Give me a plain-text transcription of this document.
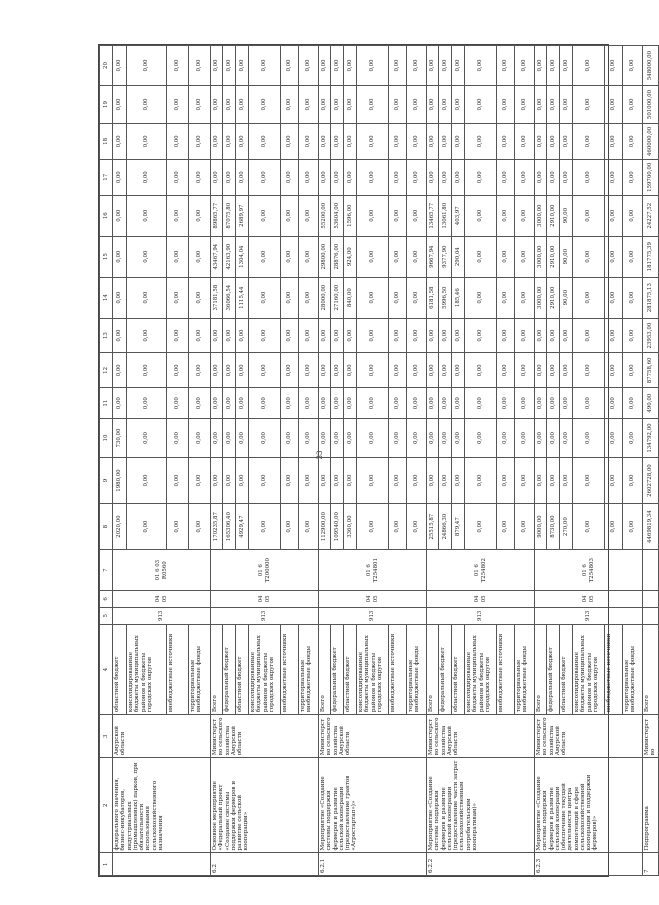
33
1	2	3	4	5	6	7	8	9	10	11	12	13	14	15	16	17	18	19	20
	федерального значения, бизнес-инкубаторов, индустриальных (промышленных) парков, при обязательности использования сельскохозяйственного назначения	Амурской области	областной бюджет	913	04 05	01 6 03 R0560	2020,00	1980,00	730,00	0,00	0,00	0,00	0,00	0,00	0,00	0,00	0,00	0,00	0,00
			консолидированные бюджеты муниципальных районов и бюджеты городских округов				0,00	0,00	0,00	0,00	0,00	0,00	0,00	0,00	0,00	0,00	0,00	0,00	0,00
			внебюджетные источники				0,00	0,00	0,00	0,00	0,00	0,00	0,00	0,00	0,00	0,00	0,00	0,00	0,00
			территориальные внебюджетные фонды				0,00	0,00	0,00	0,00	0,00	0,00	0,00	0,00	0,00	0,00	0,00	0,00	0,00
6.2	Основное мероприятие «Федеральный проект «Создание системы поддержки фермеров и развитие сельской кооперации»	Министерство сельского хозяйства Амурской области	Всего	913	04 05	01 6 T200000	170235,87	0,00	0,00	0,00	0,00	0,00	37181,58	43467,94	89865,77	0,00	0,00	0,00	0,00
			федеральный бюджет				165306,40	0,00	0,00	0,00	0,00	0,00	36066,54	42163,90	87075,80	0,00	0,00	0,00	0,00
			областной бюджет				4929,47	0,00	0,00	0,00	0,00	0,00	1115,44	1304,04	2689,97	0,00	0,00	0,00	0,00
			консолидированные бюджеты муниципальных районов и бюджеты городских округов				0,00	0,00	0,00	0,00	0,00	0,00	0,00	0,00	0,00	0,00	0,00	0,00	0,00
			внебюджетные источники				0,00	0,00	0,00	0,00	0,00	0,00	0,00	0,00	0,00	0,00	0,00	0,00	0,00
			территориальные внебюджетные фонды				0,00	0,00	0,00	0,00	0,00	0,00	0,00	0,00	0,00	0,00	0,00	0,00	0,00
6.2.1	Мероприятие «Создание системы поддержки фермеров и развитие сельской кооперации (предоставление грантов «Агростартап»)»	Министерство сельского хозяйства Амурской области	Всего	913	04 05	01 6 T254801	112900,00	0,00	0,00	0,00	0,00	0,00	28000,00	29800,00	55200,00	0,00	0,00	0,00	0,00
			федеральный бюджет				109540,00	0,00	0,00	0,00	0,00	0,00	27160,00	28876,00	53604,00	0,00	0,00	0,00	0,00
			областной бюджет				3360,00	0,00	0,00	0,00	0,00	0,00	840,00	924,00	1596,00	0,00	0,00	0,00	0,00
			консолидированные бюджеты муниципальных районов и бюджеты городских округов				0,00	0,00	0,00	0,00	0,00	0,00	0,00	0,00	0,00	0,00	0,00	0,00	0,00
			внебюджетные источники				0,00	0,00	0,00	0,00	0,00	0,00	0,00	0,00	0,00	0,00	0,00	0,00	0,00
			территориальные внебюджетные фонды				0,00	0,00	0,00	0,00	0,00	0,00	0,00	0,00	0,00	0,00	0,00	0,00	0,00
6.2.2	Мероприятие «Создание системы поддержки фермеров и развитие сельской кооперации (предоставление части затрат сельскохозяйственным потребительским кооперативам)»	Министерство сельского хозяйства Амурской области	Всего	913	04 05	01 6 T254802	25515,87	0,00	0,00	0,00	0,00	0,00	6181,58	9667,94	13465,77	0,00	0,00	0,00	0,00
			федеральный бюджет				24866,30	0,00	0,00	0,00	0,00	0,00	5996,50	9377,90	13061,80	0,00	0,00	0,00	0,00
			областной бюджет				879,47	0,00	0,00	0,00	0,00	0,00	185,46	290,04	403,97	0,00	0,00	0,00	0,00
			консолидированные бюджеты муниципальных районов и бюджеты городских округов				0,00	0,00	0,00	0,00	0,00	0,00	0,00	0,00	0,00	0,00	0,00	0,00	0,00
			внебюджетные источники				0,00	0,00	0,00	0,00	0,00	0,00	0,00	0,00	0,00	0,00	0,00	0,00	0,00
			территориальные внебюджетные фонды				0,00	0,00	0,00	0,00	0,00	0,00	0,00	0,00	0,00	0,00	0,00	0,00	0,00
6.2.3	Мероприятие «Создание системы поддержки фермеров и развитие сельской кооперации (обеспечение текущей деятельности центра компетенций в сфере сельскохозяйственной кооперации и поддержки фермеров)»	Министерство сельского хозяйства Амурской области	Всего	913	04 05	01 6 T254803	9000,00	0,00	0,00	0,00	0,00	0,00	3000,00	3000,00	3000,00	0,00	0,00	0,00	0,00
			федеральный бюджет				8730,00	0,00	0,00	0,00	0,00	0,00	2910,00	2910,00	2910,00	0,00	0,00	0,00	0,00
			областной бюджет				270,00	0,00	0,00	0,00	0,00	0,00	90,00	90,00	90,00	0,00	0,00	0,00	0,00
			консолидированные бюджеты муниципальных районов и бюджеты городских округов				0,00	0,00	0,00	0,00	0,00	0,00	0,00	0,00	0,00	0,00	0,00	0,00	0,00
			внебюджетные источники				0,00	0,00	0,00	0,00	0,00	0,00	0,00	0,00	0,00	0,00	0,00	0,00	0,00
			территориальные внебюджетные фонды				0,00	0,00	0,00	0,00	0,00	0,00	0,00	0,00	0,00	0,00	0,00	0,00	0,00
7	Подпрограмма	Министерство	Всего				4469819,34	2602728,00	134792,00	490,00	87758,60	23953,00	281875,13	181775,39	24227,52	159700,00	460000,00	501000,00	548000,00
